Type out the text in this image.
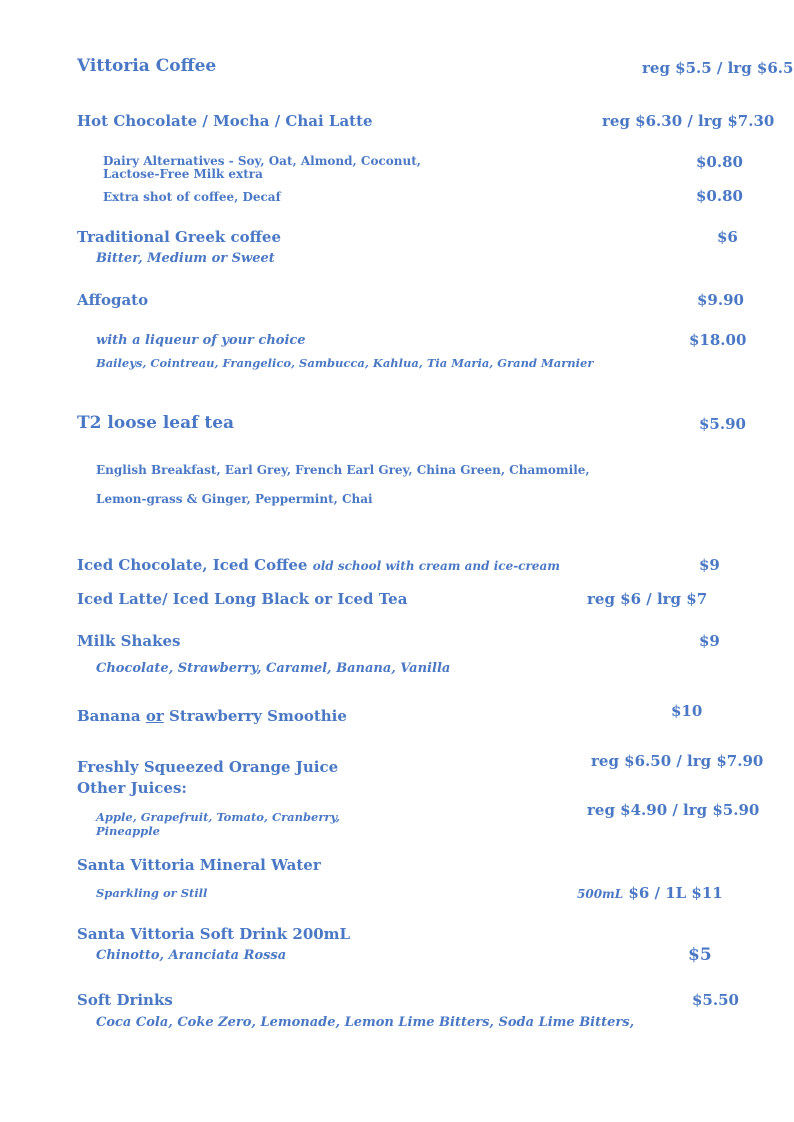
Vittoria Coffee	reg $5.5 / lrg $6.5
Hot Chocolate / Mocha / Chai Latte	reg $6.30 / lrg $7.30
Dairy Alternatives - Soy, Oat, Almond, Coconut,
Lactose-Free Milk extra
$0.80
Extra shot of coffee, Decaf	$0.80
Traditional Greek coffee
Bitter, Medium or Sweet
$6
Affogato	$9.90
with a liqueur of your choice	$18.00
Baileys, Cointreau, Frangelico, Sambucca, Kahlua, Tia Maria, Grand Marnier
T2 loose leaf tea	$5.90
English Breakfast, Earl Grey, French Earl Grey, China Green, Chamomile,
Lemon-grass & Ginger, Peppermint, Chai
Iced Chocolate, Iced Coffee old school with cream and ice-cream	$9
Iced Latte/ Iced Long Black or Iced Tea	reg $6 / lrg $7
Milk Shakes	$9
Chocolate, Strawberry, Caramel, Banana, Vanilla
Banana or Strawberry Smoothie	$10
Freshly Squeezed Orange Juice	reg $6.50 / lrg $7.90
Other Juices:
reg $4.90 / lrg $5.90
Apple, Grapefruit, Tomato, Cranberry,
Pineapple
Santa Vittoria Mineral Water
Sparkling or Still	500mL $6 / 1L $11
Santa Vittoria Soft Drink 200mL
Chinotto, Aranciata Rossa	$5
Soft Drinks	$5.50
Coca Cola, Coke Zero, Lemonade, Lemon Lime Bitters, Soda Lime Bitters,
